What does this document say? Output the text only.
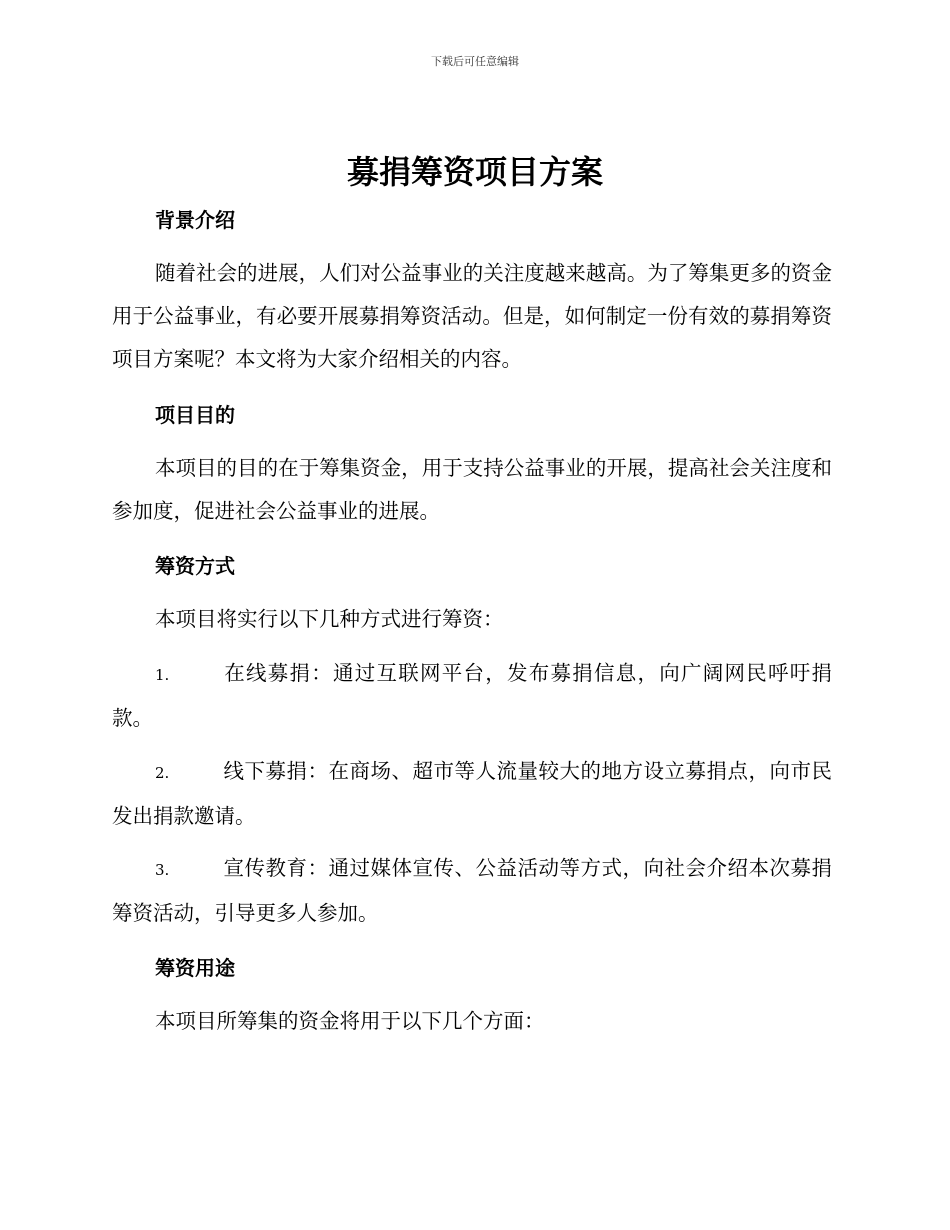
下载后可任意编辑
募捐筹资项目方案
背景介绍

随着社会的进展，人们对公益事业的关注度越来越高。为了筹集更多的资金用于公益事业，有必要开展募捐筹资活动。但是，如何制定一份有效的募捐筹资项目方案呢？本文将为大家介绍相关的内容。

项目目的

本项目的目的在于筹集资金，用于支持公益事业的开展，提高社会关注度和参加度，促进社会公益事业的进展。

筹资方式

本项目将实行以下几种方式进行筹资：

1.	在线募捐：通过互联网平台，发布募捐信息，向广阔网民呼吁捐款。

2.	线下募捐：在商场、超市等人流量较大的地方设立募捐点，向市民发出捐款邀请。

3.	宣传教育：通过媒体宣传、公益活动等方式，向社会介绍本次募捐筹资活动，引导更多人参加。

筹资用途

本项目所筹集的资金将用于以下几个方面：
